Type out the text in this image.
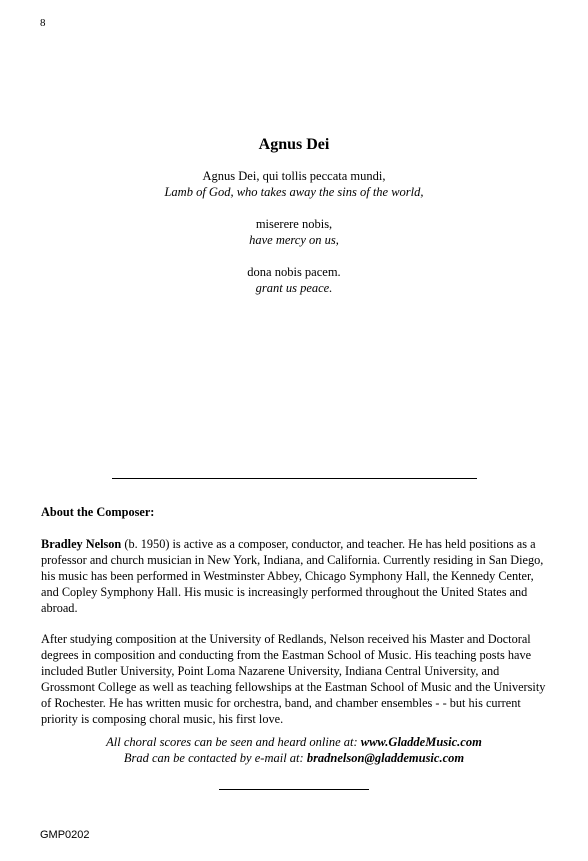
8
Agnus Dei
Agnus Dei, qui tollis peccata mundi,
Lamb of God, who takes away the sins of the world,
miserere nobis,
have mercy on us,
dona nobis pacem.
grant us peace.
About the Composer:

Bradley Nelson (b. 1950) is active as a composer, conductor, and teacher. He has held positions as a professor and church musician in New York, Indiana, and California. Currently residing in San Diego, his music has been performed in Westminster Abbey, Chicago Symphony Hall, the Kennedy Center, and Copley Symphony Hall. His music is increasingly performed throughout the United States and abroad.

After studying composition at the University of Redlands, Nelson received his Master and Doctoral degrees in composition and conducting from the Eastman School of Music. His teaching posts have included Butler University, Point Loma Nazarene University, Indiana Central University, and Grossmont College as well as teaching fellowships at the Eastman School of Music and the University of Rochester. He has written music for orchestra, band, and chamber ensembles - - but his current priority is composing choral music, his first love.

All choral scores can be seen and heard online at: www.GladdeMusic.com
Brad can be contacted by e-mail at: bradnelson@gladdemusic.com
GMP0202
